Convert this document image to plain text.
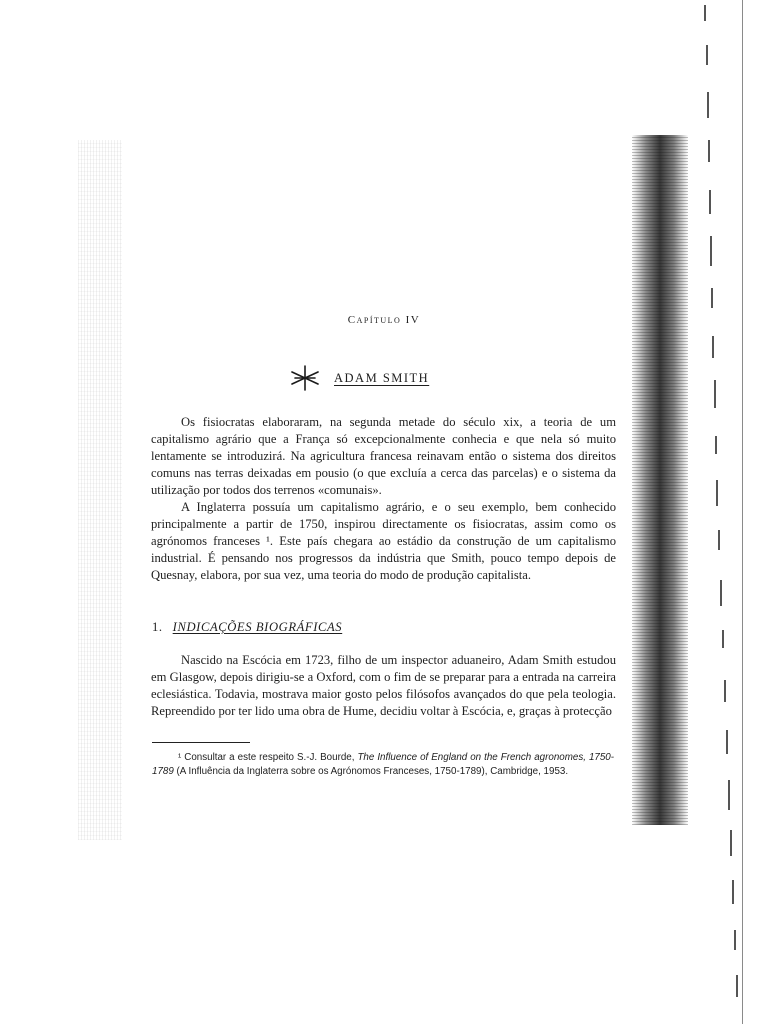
Capítulo IV
ADAM SMITH

Os fisiocratas elaboraram, na segunda metade do século xix, a teoria de um capitalismo agrário que a França só excepcionalmente conhecia e que nela só muito lentamente se introduzirá. Na agricultura francesa reinavam então o sistema dos direitos comuns nas terras deixadas em pousio (o que excluía a cerca das parcelas) e o sistema da utilização por todos dos terrenos «comunais».

A Inglaterra possuía um capitalismo agrário, e o seu exemplo, bem conhecido principalmente a partir de 1750, inspirou directamente os fisiocratas, assim como os agrónomos franceses ¹. Este país chegara ao estádio da construção de um capitalismo industrial. É pensando nos progressos da indústria que Smith, pouco tempo depois de Quesnay, elabora, por sua vez, uma teoria do modo de produção capitalista.

1. INDICAÇÕES BIOGRÁFICAS

Nascido na Escócia em 1723, filho de um inspector aduaneiro, Adam Smith estudou em Glasgow, depois dirigiu-se a Oxford, com o fim de se preparar para a entrada na carreira eclesiástica. Todavia, mostrava maior gosto pelos filósofos avançados do que pela teologia. Repreendido por ter lido uma obra de Hume, decidiu voltar à Escócia, e, graças à protecção

¹ Consultar a este respeito S.-J. Bourde, The Influence of England on the French agronomes, 1750-1789 (A Influência da Inglaterra sobre os Agrónomos Franceses, 1750-1789), Cambridge, 1953.
